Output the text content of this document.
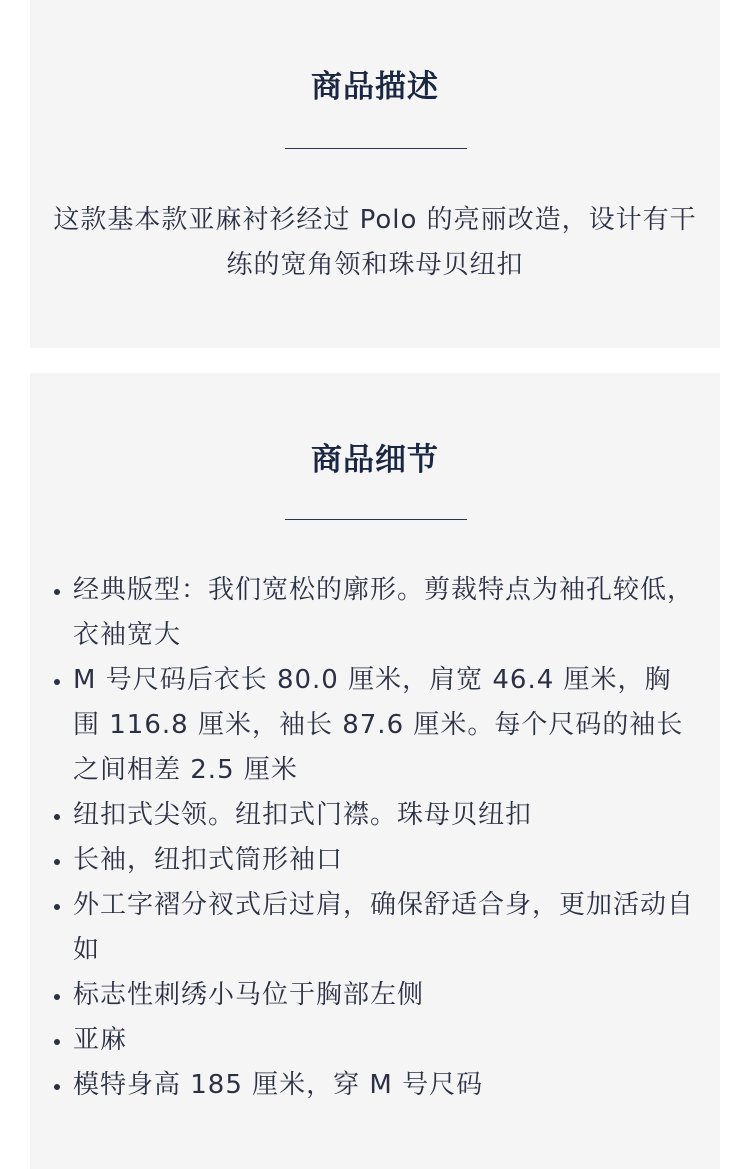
商品描述

这款基本款亚麻衬衫经过 Polo 的亮丽改造，设计有干练的宽角领和珠母贝纽扣

商品细节
• 经典版型：我们宽松的廓形。剪裁特点为袖孔较低，衣袖宽大
• M 号尺码后衣长 80.0 厘米，肩宽 46.4 厘米，胸围 116.8 厘米，袖长 87.6 厘米。每个尺码的袖长之间相差 2.5 厘米
• 纽扣式尖领。纽扣式门襟。珠母贝纽扣
• 长袖，纽扣式筒形袖口
• 外工字褶分衩式后过肩，确保舒适合身，更加活动自如
• 标志性刺绣小马位于胸部左侧
• 亚麻
• 模特身高 185 厘米，穿 M 号尺码
